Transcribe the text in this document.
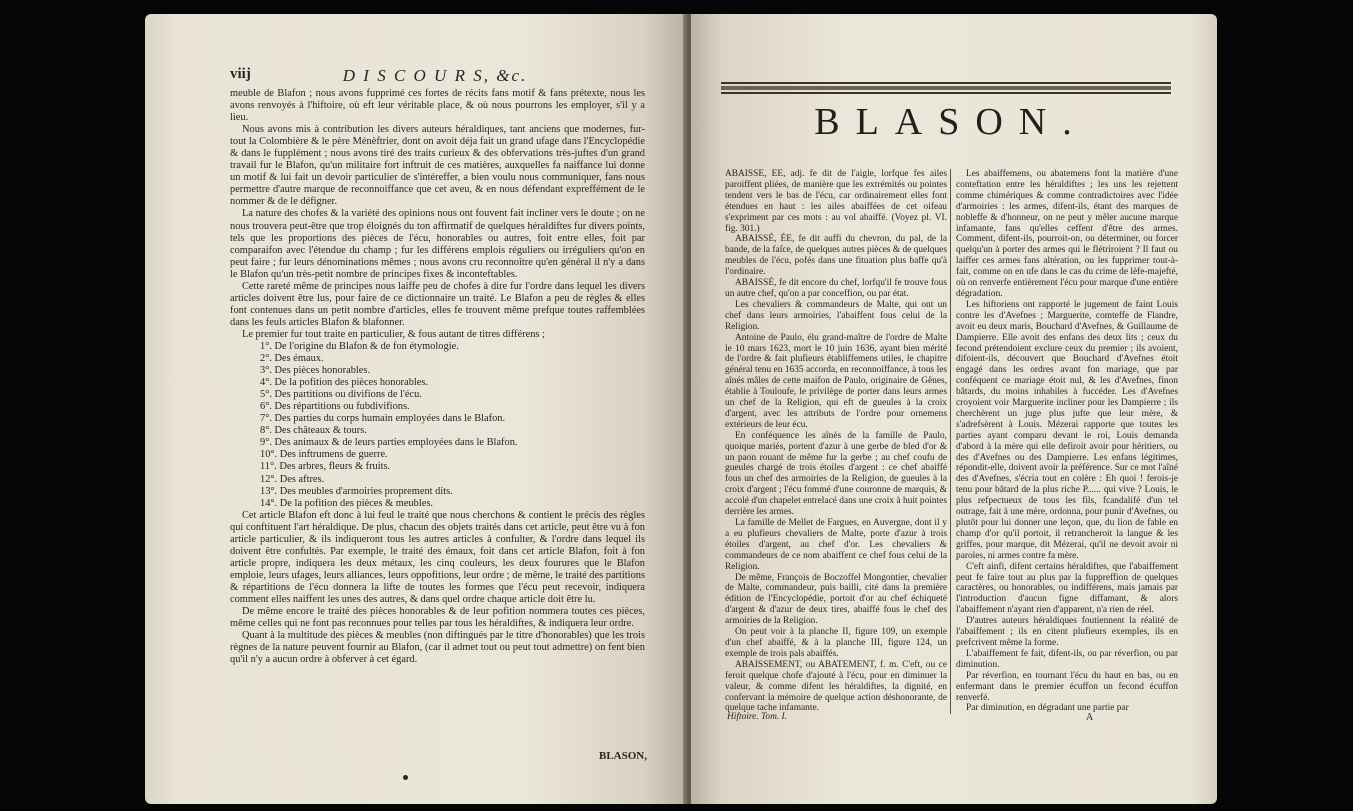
viij	D I S C O U R S, &c.

meuble de Blafon ; nous avons fupprimé ces fortes de récits fans motif & fans prétexte, nous les avons renvoyés à l'hiftoire, où eft leur véritable place, & où nous pourrons les employer, s'il y a lieu.

Nous avons mis à contribution les divers auteurs héraldiques, tant anciens que modernes, fur-tout la Colombière & le père Ménèftrier, dont on avoit déja fait un grand ufage dans l'Encyclopédie & dans le fupplément ; nous avons tiré des traits curieux & des obfervations très-juftes d'un grand travail fur le Blafon, qu'un militaire fort inftruit de ces matières, auxquelles fa naiffance lui donne un motif & lui fait un devoir particulier de s'intéreffer, a bien voulu nous communiquer, fans nous permettre d'autre marque de reconnoiffance que cet aveu, & en nous défendant expreffément de le nommer & de le défigner.

La nature des chofes & la variété des opinions nous ont fouvent fait incliner vers le doute ; on ne nous trouvera peut-être que trop éloignés du ton affirmatif de quelques héraldiftes fur divers points, tels que les proportions des pièces de l'écu, honorables ou autres, foit entre elles, foit par comparaifon avec l'étendue du champ ; fur les différens emplois réguliers ou irréguliers qu'on en peut faire ; fur leurs dénominations mêmes ; nous avons cru reconnoître qu'en général il n'y a dans le Blafon qu'un très-petit nombre de principes fixes & inconteftables.

Cette rareté même de principes nous laiffe peu de chofes à dire fur l'ordre dans lequel les divers articles doivent être lus, pour faire de ce dictionnaire un traité. Le Blafon a peu de règles & elles font contenues dans un petit nombre d'articles, elles fe trouvent même prefque toutes raffemblées dans les feuls articles Blafon & blafonner.

Le premier fur tout traite en particulier, & fous autant de titres différens ;

1°. De l'origine du Blafon & de fon étymologie.
2°. Des émaux.
3°. Des pièces honorables.
4°. De la pofition des pièces honorables.
5°. Des partitions ou divifions de l'écu.
6°. Des répartitions ou fubdivifions.
7°. Des parties du corps humain employées dans le Blafon.
8°. Des châteaux & tours.
9°. Des animaux & de leurs parties employées dans le Blafon.
10°. Des inftrumens de guerre.
11°. Des arbres, fleurs & fruits.
12°. Des aftres.
13°. Des meubles d'armoiries proprement dits.
14°. De la pofition des pièces & meubles.

Cet article Blafon eft donc à lui feul le traité que nous cherchons & contient le précis des règles qui conftituent l'art héraldique. De plus, chacun des objets traités dans cet article, peut être vu à fon article particulier, & ils indiqueront tous les autres articles à confulter, & l'ordre dans lequel ils doivent être confultés. Par exemple, le traité des émaux, foit dans cet article Blafon, foit à fon article propre, indiquera les deux métaux, les cinq couleurs, les deux fourures que le Blafon emploie, leurs ufages, leurs alliances, leurs oppofitions, leur ordre ; de même, le traité des partitions & répartitions de l'écu donnera la lifte de toutes les formes que l'écu peut recevoir, indiquera comment elles naiffent les unes des autres, & dans quel ordre chaque article doit être lu.

De même encore le traité des pièces honorables & de leur pofition nommera toutes ces pièces, même celles qui ne font pas reconnues pour telles par tous les héraldiftes, & indiquera leur ordre.

Quant à la multitude des pièces & meubles (non diftingués par le titre d'honorables) que les trois règnes de la nature peuvent fournir au Blafon, (car il admet tout ou peut tout admettre) on fent bien qu'il n'y a aucun ordre à obferver à cet égard.

BLASON,
BLASON.

ABAISSÉ, ÉE, adj. fe dit de l'aigle, lorfque fes ailes paroiffent pliées, de manière que les extrémités ou pointes tendent vers le bas de l'écu, car ordinairement elles font étendues en haut : les ailes abaiffées de cet oifeau s'expriment par ces mots : au vol abaiffé. (Voyez pl. VI. fig. 301.)

ABAISSÉ, ÉE, fe dit auffi du chevron, du pal, de la bande, de la faſce, de quelques autres pièces & de quelques meubles de l'écu, pofés dans une fituation plus baffe qu'à l'ordinaire.

ABAISSÉ, fe dit encore du chef, lorfqu'il fe trouve fous un autre chef, qu'on a par conceffion, ou par état.

Les chevaliers & commandeurs de Malte, qui ont un chef dans leurs armoiries, l'abaiffent fous celui de la Religion.

Antoine de Paulo, élu grand-maître de l'ordre de Malte le 10 mars 1623, mort le 10 juin 1636, ayant bien mérité de l'ordre & fait plufieurs établiffemens utiles, le chapitre général tenu en 1635 accorda, en reconnoiffance, à tous les aînés mâles de cette maifon de Paulo, originaire de Gênes, établie à Touloufe, le privilège de porter dans leurs armes un chef de la Religion, qui eft de gueules à la croix d'argent, avec les attributs de l'ordre pour ornemens extérieurs de leur écu.

En conféquence les aînés de la famille de Paulo, quoique mariés, portent d'azur à une gerbe de bled d'or & un paon rouant de même fur la gerbe ; au chef coufu de gueules chargé de trois étoiles d'argent : ce chef abaiffé fous un chef des armoiries de la Religion, de gueules à la croix d'argent ; l'écu fommé d'une couronne de marquis, & accolé d'un chapelet entrelacé dans une croix à huit pointes derrière les armes.

La famille de Mellet de Fargues, en Auvergne, dont il y a eu plufieurs chevaliers de Malte, porte d'azur à trois étoiles d'argent, au chef d'or. Les chevaliers & commandeurs de ce nom abaiffent ce chef fous celui de la Religion.

De même, François de Boczoffel Mongontier, chevalier de Malte, commandeur, puis bailli, cité dans la première édition de l'Encyclopédie, portoit d'or au chef échiqueté d'argent & d'azur de deux tires, abaiffé fous le chef des armoiries de la Religion.

On peut voir à la planche II, figure 109, un exemple d'un chef abaiffé, & à la planche III, figure 124, un exemple de trois pals abaiffés.

ABAISSEMENT, ou ABATEMENT, f. m. C'eft, ou ce feroit quelque chofe d'ajouté à l'écu, pour en diminuer la valeur, & comme difent les héraldiftes, la dignité, en confervant la mémoire de quelque action déshonorante, de quelque tache infamante.

Les abaiffemens, ou abatemens font la matière d'une conteftation entre les héraldiftes ; les uns les rejettent comme chimériques & comme contradictoires avec l'idée d'armoiries : les armes, difent-ils, étant des marques de nobleffe & d'honneur, on ne peut y mêler aucune marque infamante, fans qu'elles ceffent d'être des armes. Comment, difent-ils, pourroit-on, ou déterminer, ou forcer quelqu'un à porter des armes qui le flétriroient ? Il faut ou laiffer ces armes fans altération, ou les fupprimer tout-à-fait, comme on en ufe dans le cas du crime de lèfe-majefté, où on renverfe entièrement l'écu pour marque d'une entière dégradation.

Les hiftoriens ont rapporté le jugement de faint Louis contre les d'Avefnes ; Marguerite, comteffe de Flandre, avoit eu deux maris, Bouchard d'Avefnes, & Guillaume de Dampierre. Elle avoit des enfans des deux lits ; ceux du fecond prétendoient exclure ceux du premier ; ils avoient, difoient-ils, découvert que Bouchard d'Avefnes étoit engagé dans les ordres avant fon mariage, que par conféquent ce mariage étoit nul, & les d'Avefnes, finon bâtards, du moins inhabiles à fuccéder. Les d'Avefnes croyoient voir Marguerite incliner pour les Dampierre ; ils cherchèrent un juge plus jufte que leur mère, & s'adrefsèrent à Louis. Mézerai rapporte que toutes les parties ayant comparu devant le roi, Louis demanda d'abord à la mère qui elle defiroit avoir pour héritiers, ou des d'Avefnes ou des Dampierre. Les enfans légitimes, répondit-elle, doivent avoir la préférence. Sur ce mot l'aîné des d'Avefnes, s'écria tout en colère : Eh quoi ! ferois-je tenu pour bâtard de la plus riche P...... qui vive ? Louis, le plus refpectueux de tous les fils, fcandalifé d'un tel outrage, fait à une mère, ordonna, pour punir d'Avefnes, ou plutôt pour lui donner une leçon, que, du lion de fable en champ d'or qu'il portoit, il retrancheroit la langue & les griffes, pour marque, dit Mézerai, qu'il ne devoit avoir ni paroles, ni armes contre fa mère.

C'eft ainfi, difent certains héraldiftes, que l'abaiffement peut fe faire tout au plus par la fuppreffion de quelques caractères, ou honorables, ou indifférens, mais jamais par l'introduction d'aucun figne diffamant, & alors l'abaiffement n'ayant rien d'apparent, n'a rien de réel.

D'autres auteurs héraldiques foutiennent la réalité de l'abaiffement ; ils en citent plufieurs exemples, ils en prefcrivent même la forme.

L'abaiffement fe fait, difent-ils, ou par réverfion, ou par diminution.

Par réverfion, en tournant l'écu du haut en bas, ou en enfermant dans le premier écuffon un fecond écuffon renverfé.

Par diminution, en dégradant une partie par

Hiftoire. Tom. I.	A
